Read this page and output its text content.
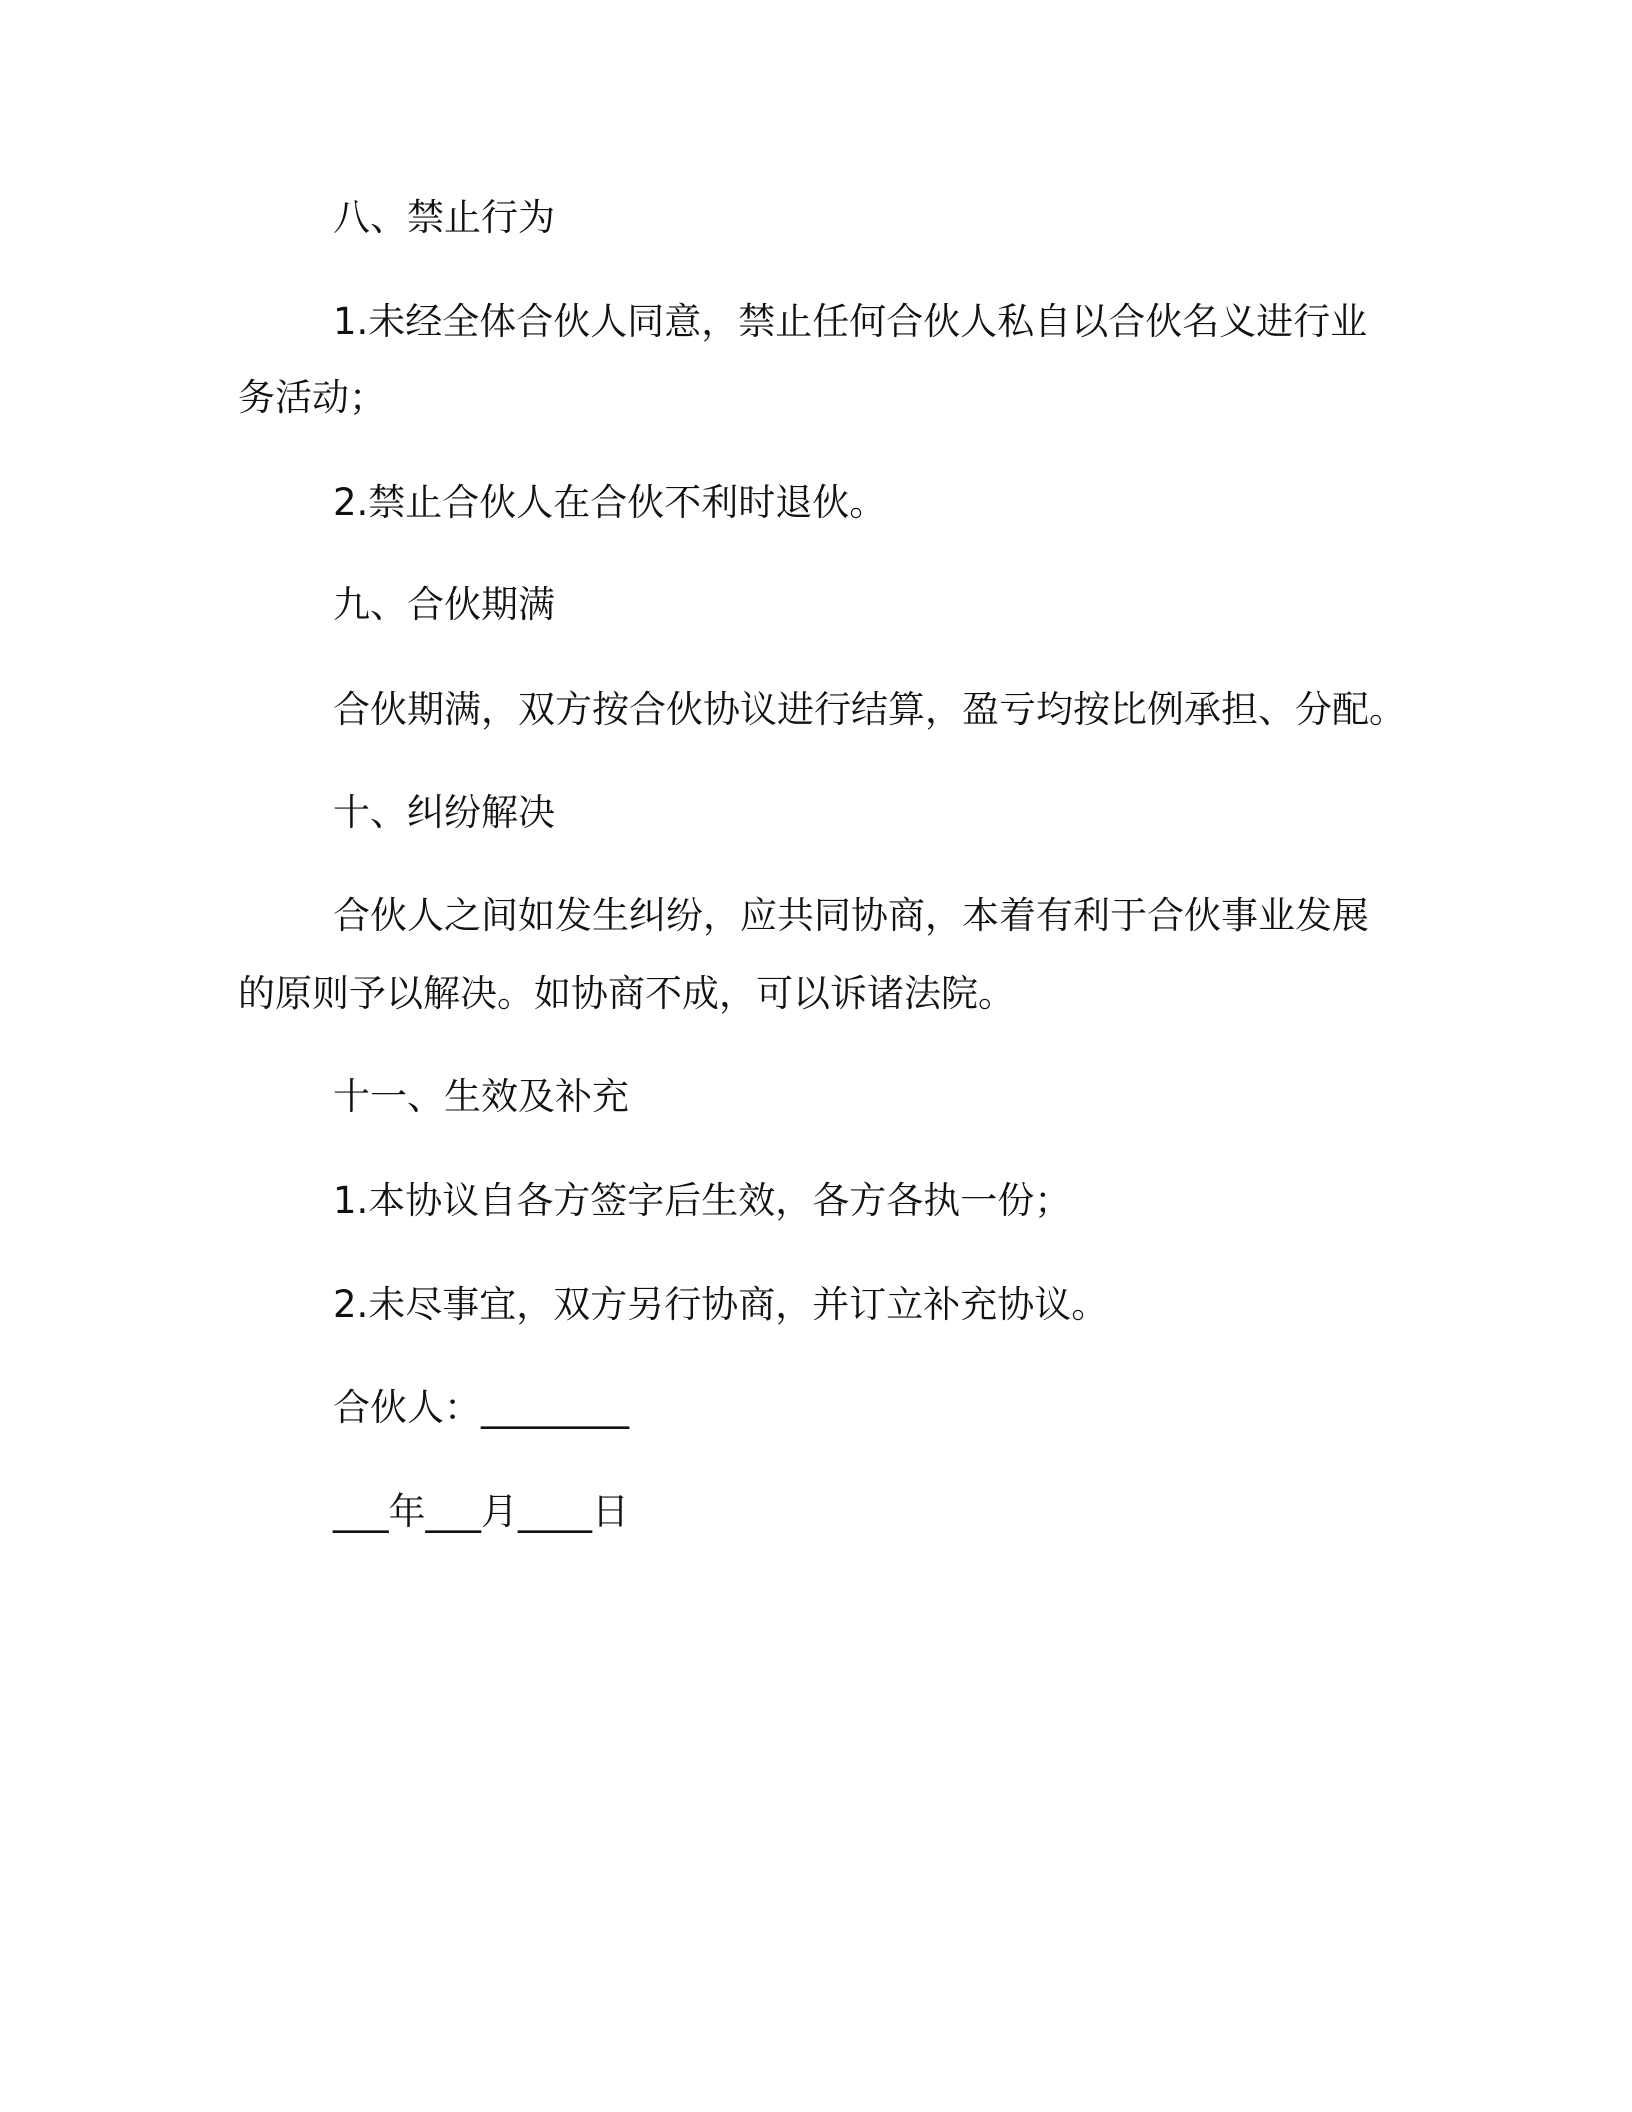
八、禁止行为
1.未经全体合伙人同意，禁止任何合伙人私自以合伙名义进行业
务活动；
2.禁止合伙人在合伙不利时退伙。
九、合伙期满
合伙期满，双方按合伙协议进行结算，盈亏均按比例承担、分配。
十、纠纷解决
合伙人之间如发生纠纷，应共同协商，本着有利于合伙事业发展
的原则予以解决。如协商不成，可以诉诸法院。
十一、生效及补充
1.本协议自各方签字后生效，各方各执一份；
2.未尽事宜，双方另行协商，并订立补充协议。
合伙人：________
___年___月____日
